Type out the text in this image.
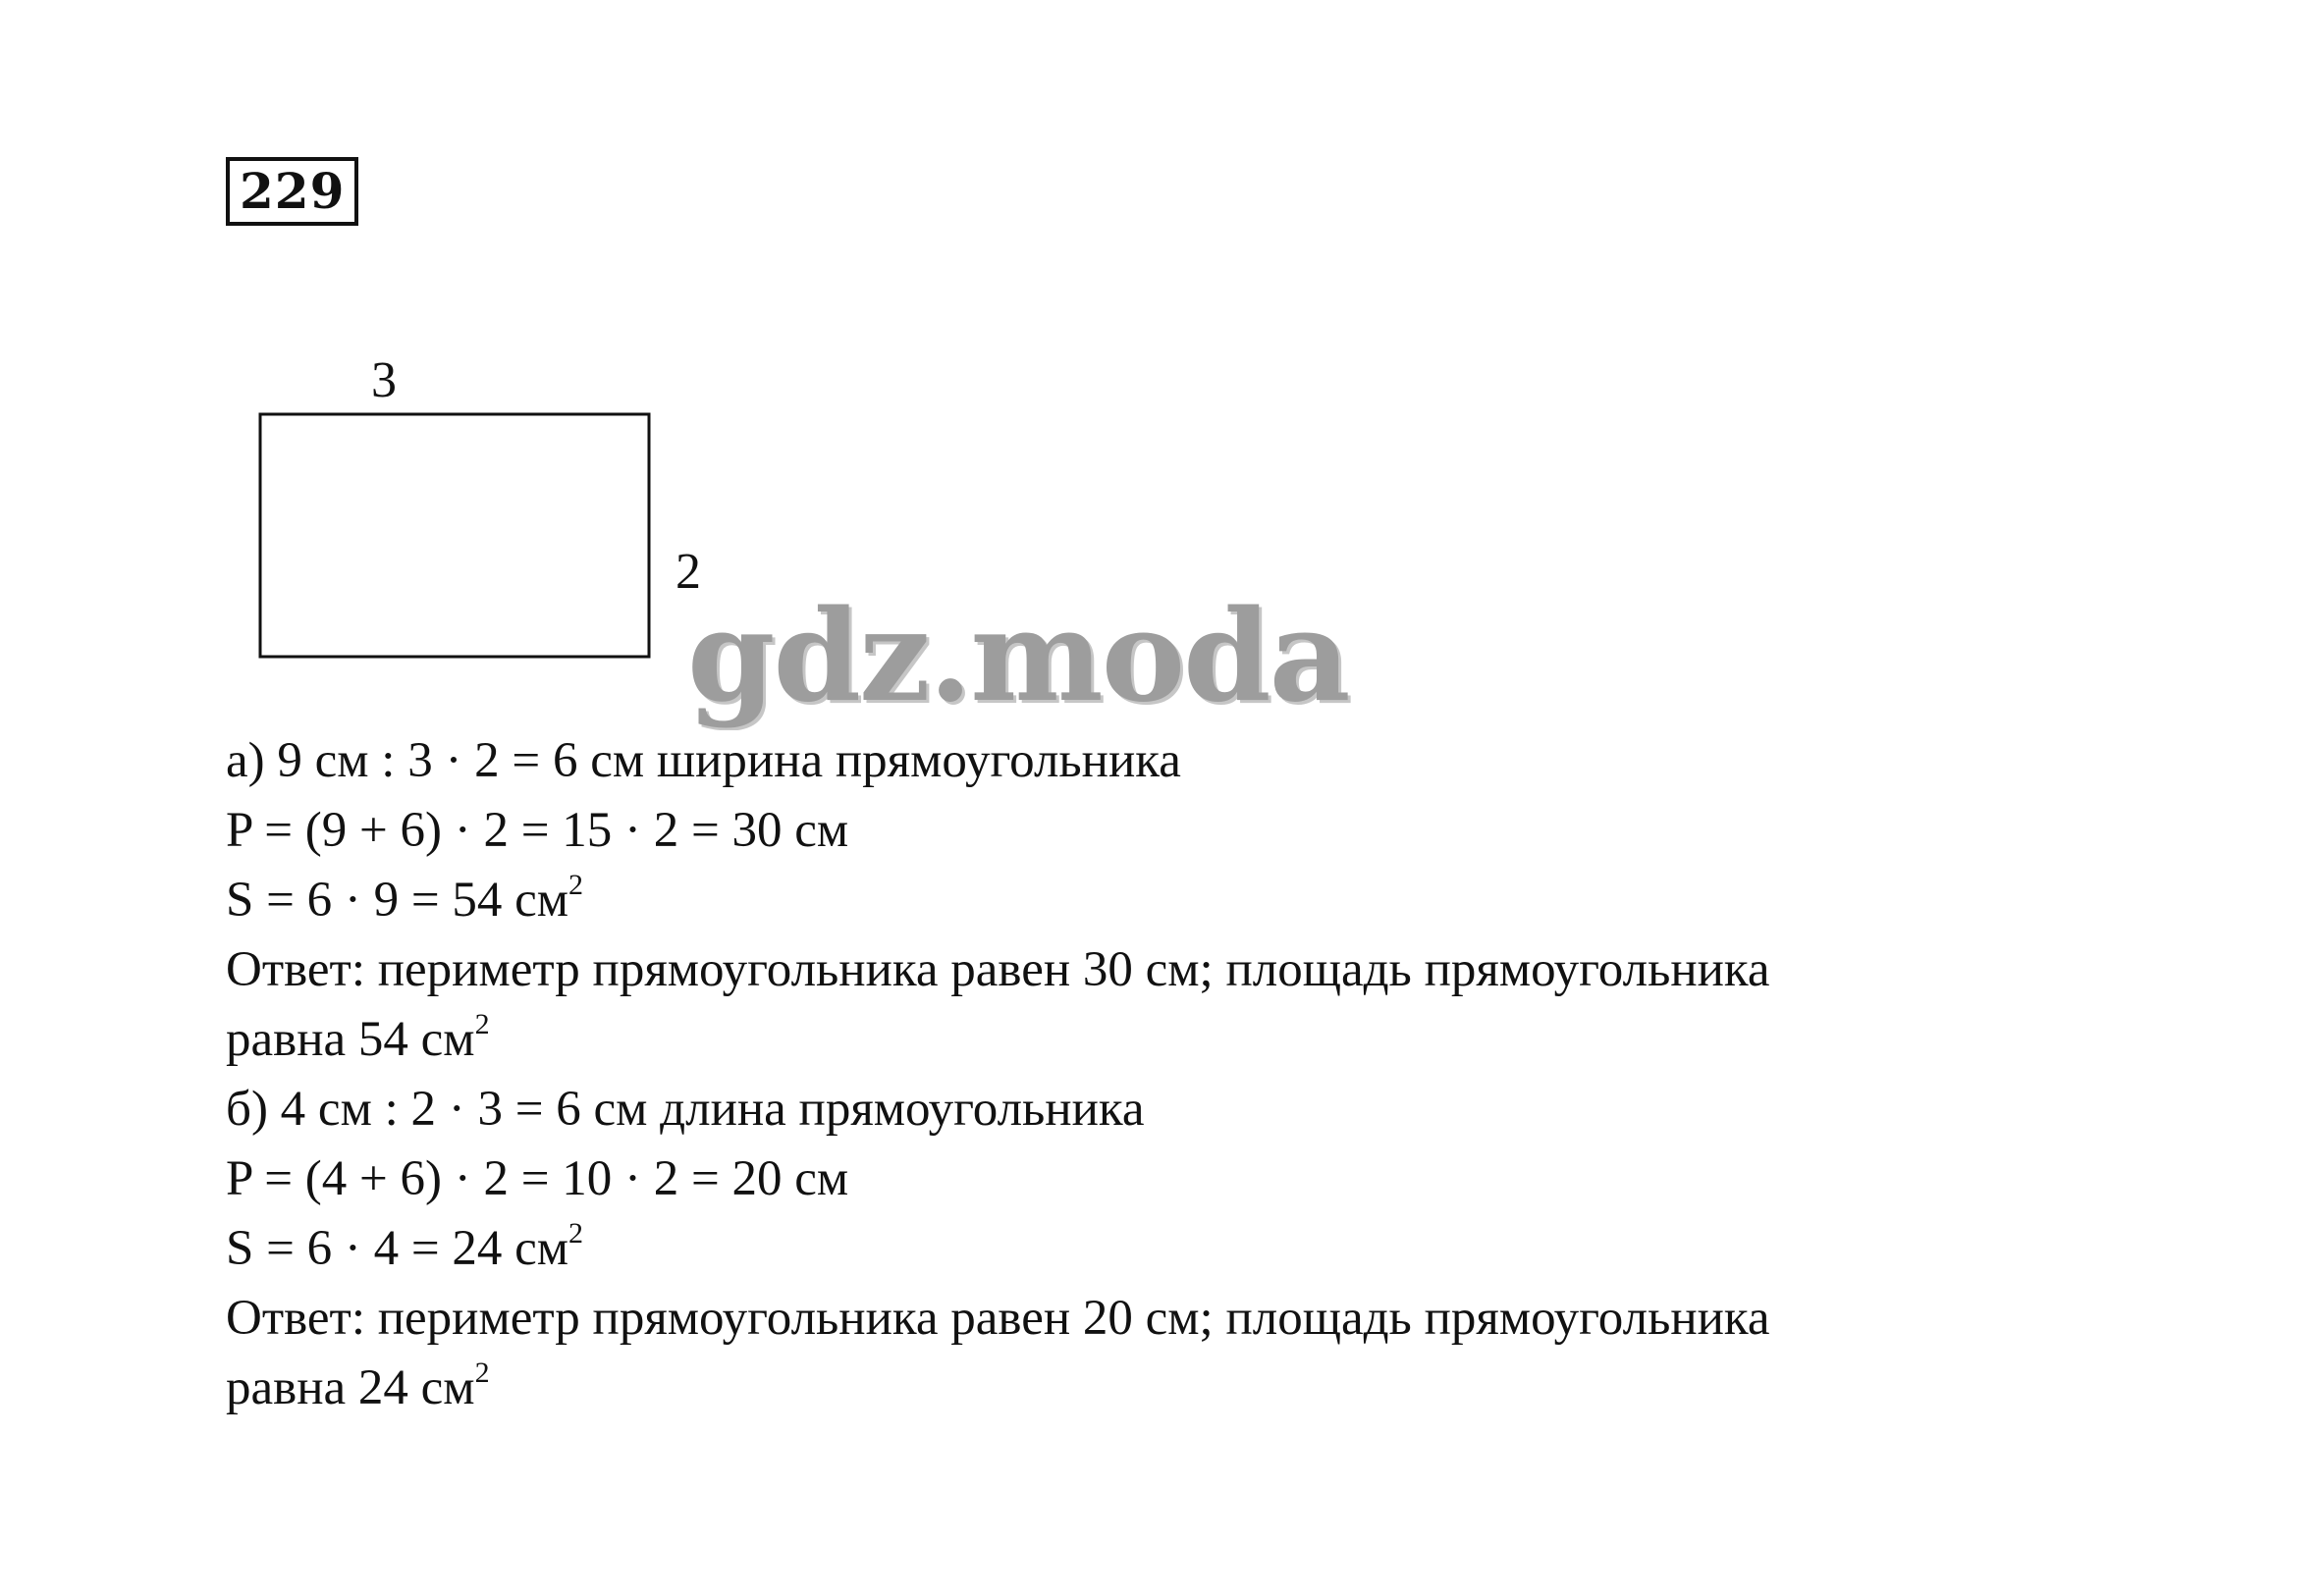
229
3
2
gdz.moda
а) 9 см : 3 · 2 = 6 см ширина прямоугольника
P = (9 + 6) · 2 = 15 · 2 = 30 см
S = 6 · 9 = 54 $см^2$
Ответ: периметр прямоугольника равен 30 см; площадь прямоугольника
равна 54 $см^2$
б) 4 см : 2 · 3 = 6 см длина прямоугольника
P = (4 + 6) · 2 = 10 · 2 = 20 см
S = 6 · 4 = 24 $см^2$
Ответ: периметр прямоугольника равен 20 см; площадь прямоугольника
равна 24 $см^2$
